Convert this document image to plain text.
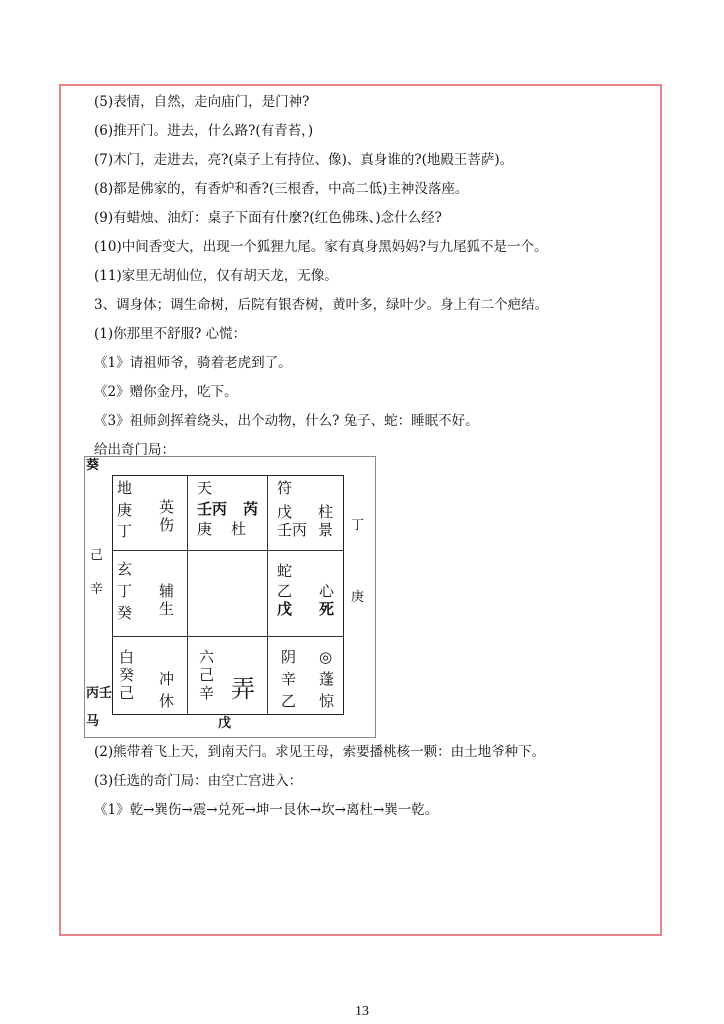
(5)表情，自然，走向庙门，是门神?
(6)推开门。进去，什么路?(有青苔，)
(7)木门，走进去，亮?(桌子上有持位、像)、真身谁的?(地殿王菩萨)。
(8)都是佛家的，有香炉和香?(三根香，中高二低)主神没落座。
(9)有蜡烛、油灯：桌子下面有什麼?(红色佛珠、)念什么经?
(10)中间香变大，出现一个狐狸九尾。家有真身黑妈妈?与九尾狐不是一个。
(11)家里无胡仙位，仅有胡天龙，无像。
3、调身体；调生命树，后院有银杏树，黄叶多，绿叶少。身上有二个疤结。
(1)你那里不舒服? 心慌：
《1》请祖师爷，骑着老虎到了。
《2》赠你金丹，吃下。
《3》祖师剑挥着绕头，出个动物，什么? 兔子、蛇：睡眠不好。
给出奇门局：
葵
己
辛
丁
庚
丙壬
马	戊
地
庚
丁
英
伤
天
壬丙 芮
庚 杜
符
戊
壬丙
柱
景
玄
丁
癸
辅
生
蛇
乙
戊
心
死
白
癸
己
冲
休
六
己
辛 弄
阴 ◎
辛 蓬
乙 惊
(2)熊带着飞上天，到南天闩。求见王母，索要播桃核一颗：由土地爷种下。
(3)任选的奇门局：由空亡宫进入：
《1》乾→巽伤→震→兑死→坤一艮休→坎→离杜→巽一乾。
13
